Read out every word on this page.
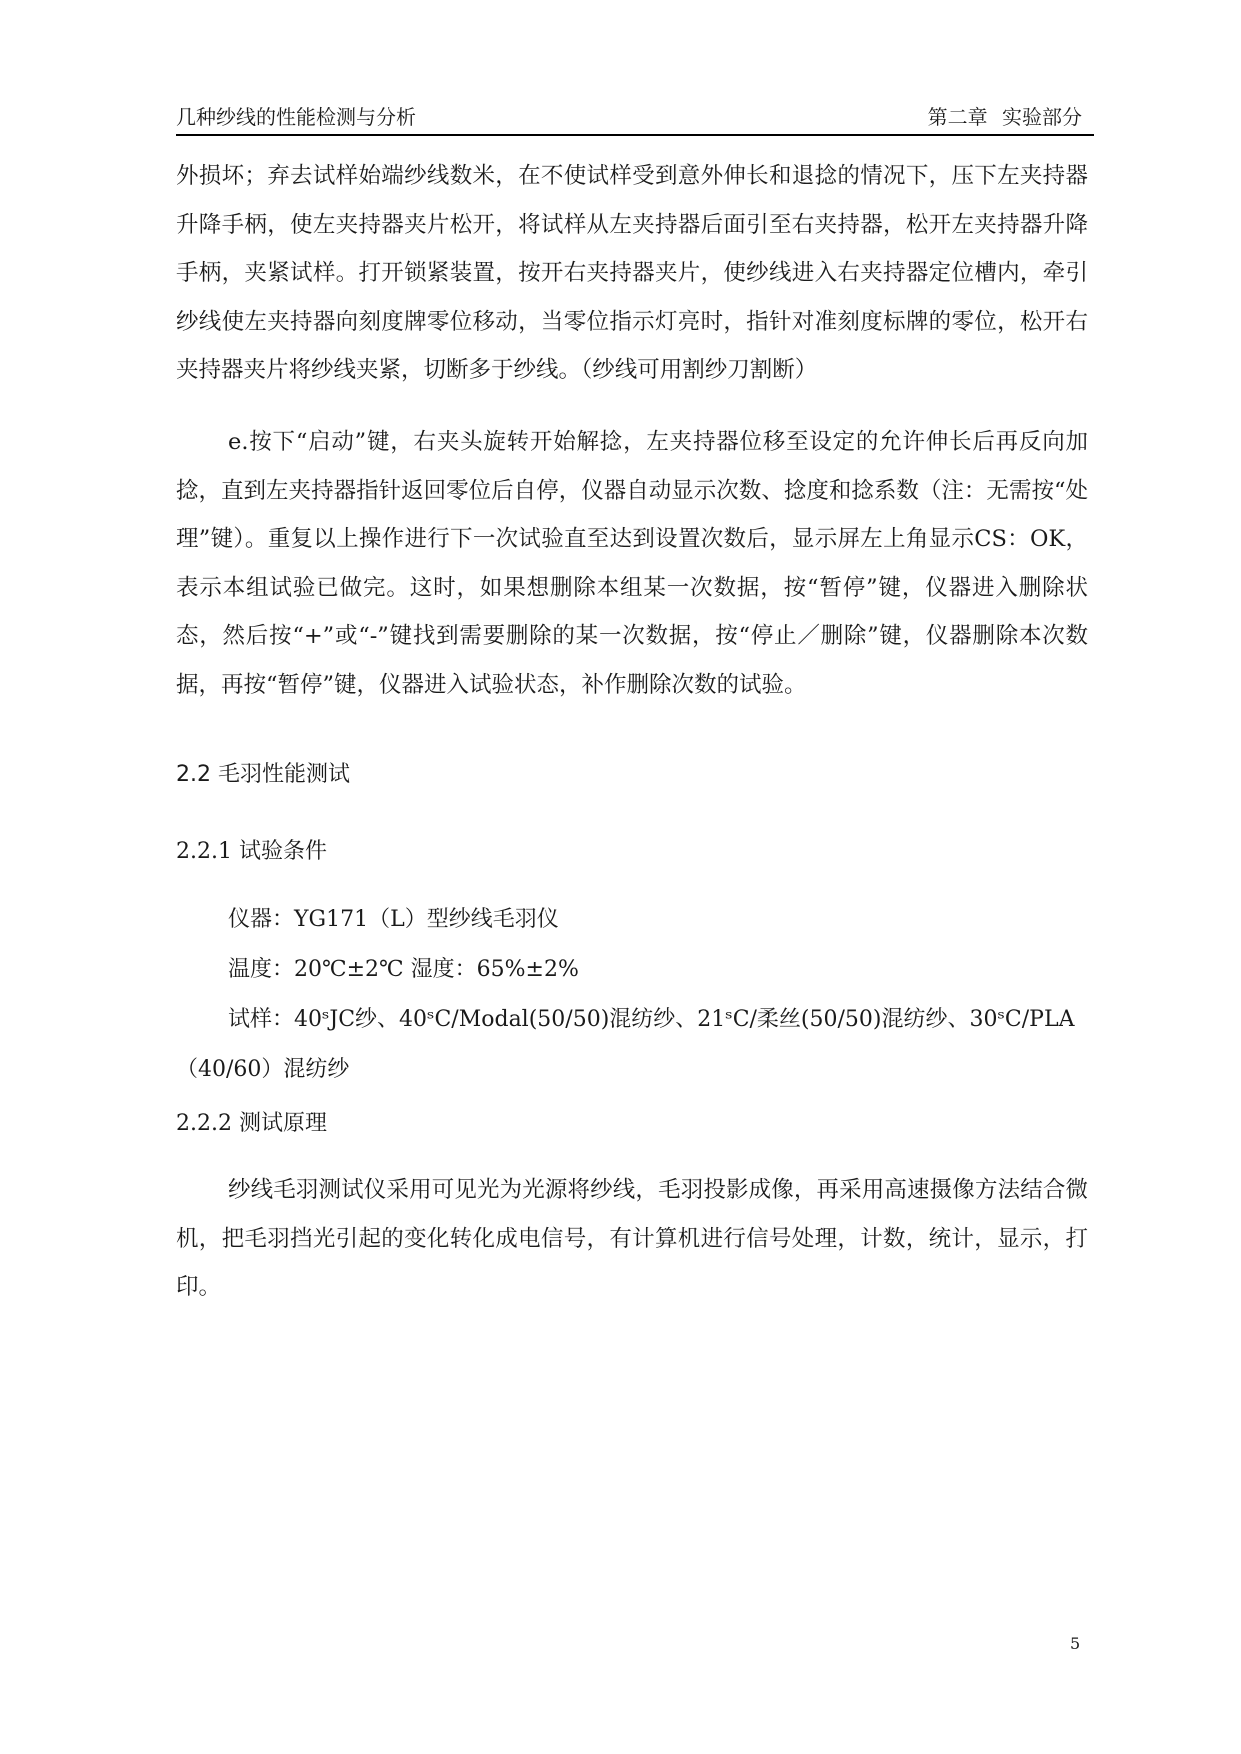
几种纱线的性能检测与分析	第二章 实验部分

外损坏；弃去试样始端纱线数米，在不使试样受到意外伸长和退捻的情况下，压下左夹持器升降手柄，使左夹持器夹片松开，将试样从左夹持器后面引至右夹持器，松开左夹持器升降手柄，夹紧试样。打开锁紧装置，按开右夹持器夹片，使纱线进入右夹持器定位槽内，牵引纱线使左夹持器向刻度牌零位移动，当零位指示灯亮时，指针对准刻度标牌的零位，松开右夹持器夹片将纱线夹紧，切断多于纱线。（纱线可用割纱刀割断）

e.按下“启动”键，右夹头旋转开始解捻，左夹持器位移至设定的允许伸长后再反向加捻，直到左夹持器指针返回零位后自停，仪器自动显示次数、捻度和捻系数（注：无需按“处理”键）。重复以上操作进行下一次试验直至达到设置次数后，显示屏左上角显示CS：OK，表示本组试验已做完。这时，如果想删除本组某一次数据，按“暂停”键，仪器进入删除状态，然后按“+”或“-”键找到需要删除的某一次数据，按“停止／删除”键，仪器删除本次数据，再按“暂停”键，仪器进入试验状态，补作删除次数的试验。

2.2 毛羽性能测试
2.2.1 试验条件
仪器：YG171（L）型纱线毛羽仪
温度：20℃±2℃ 湿度：65%±2%
试样：40ˢJC纱、40ˢC/Modal(50/50)混纺纱、21ˢC/柔丝(50/50)混纺纱、30ˢC/PLA
（40/60）混纺纱
2.2.2 测试原理

纱线毛羽测试仪采用可见光为光源将纱线，毛羽投影成像，再采用高速摄像方法结合微机，把毛羽挡光引起的变化转化成电信号，有计算机进行信号处理，计数，统计，显示，打印。

5
